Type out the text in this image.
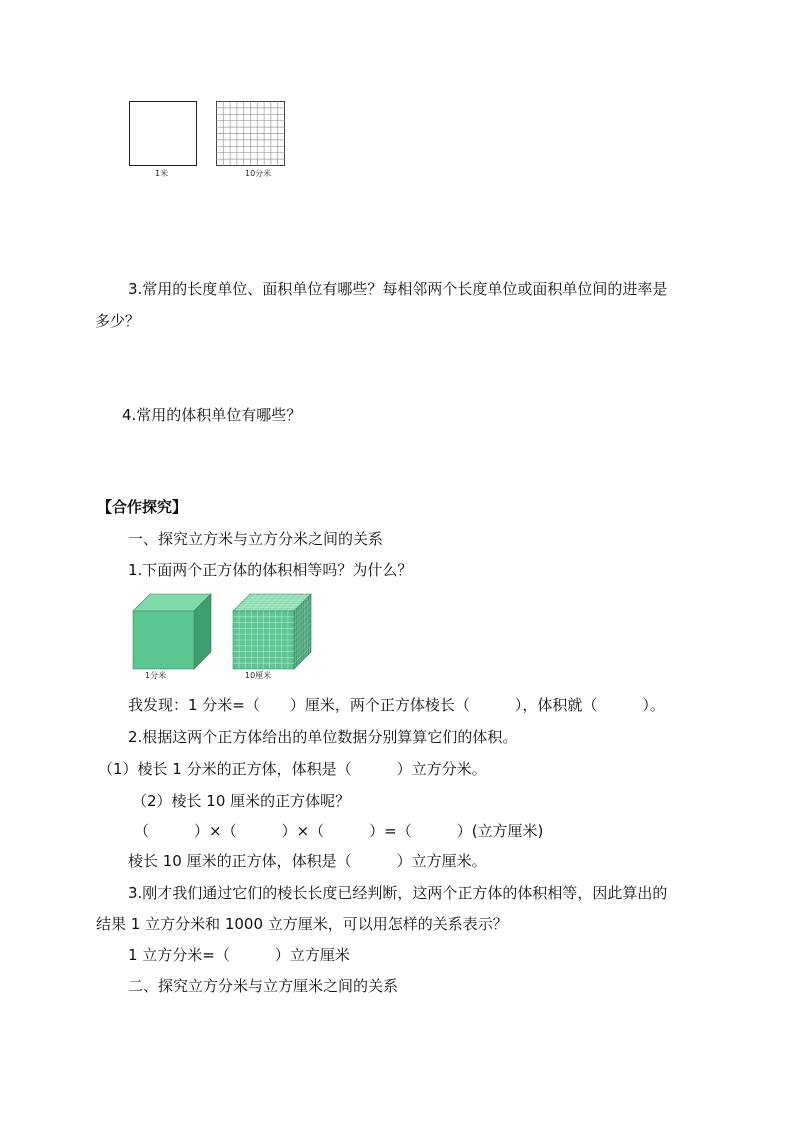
1米	10分米
3.常用的长度单位、面积单位有哪些？每相邻两个长度单位或面积单位间的进率是
多少？
4.常用的体积单位有哪些？
【合作探究】
一、探究立方米与立方分米之间的关系
1.下面两个正方体的体积相等吗？为什么？
1分米	10厘米
我发现：1 分米=（　　）厘米，两个正方体棱长（　　　），体积就（　　　）。
2.根据这两个正方体给出的单位数据分别算算它们的体积。
（1）棱长 1 分米的正方体，体积是（　　　）立方分米。
（2）棱长 10 厘米的正方体呢？
（　　　）×（　　　）×（　　　）=（　　　）(立方厘米)
棱长 10 厘米的正方体，体积是（　　　）立方厘米。
3.刚才我们通过它们的棱长长度已经判断，这两个正方体的体积相等，因此算出的
结果 1 立方分米和 1000 立方厘米，可以用怎样的关系表示？
1 立方分米=（　　　）立方厘米
二、探究立方分米与立方厘米之间的关系
